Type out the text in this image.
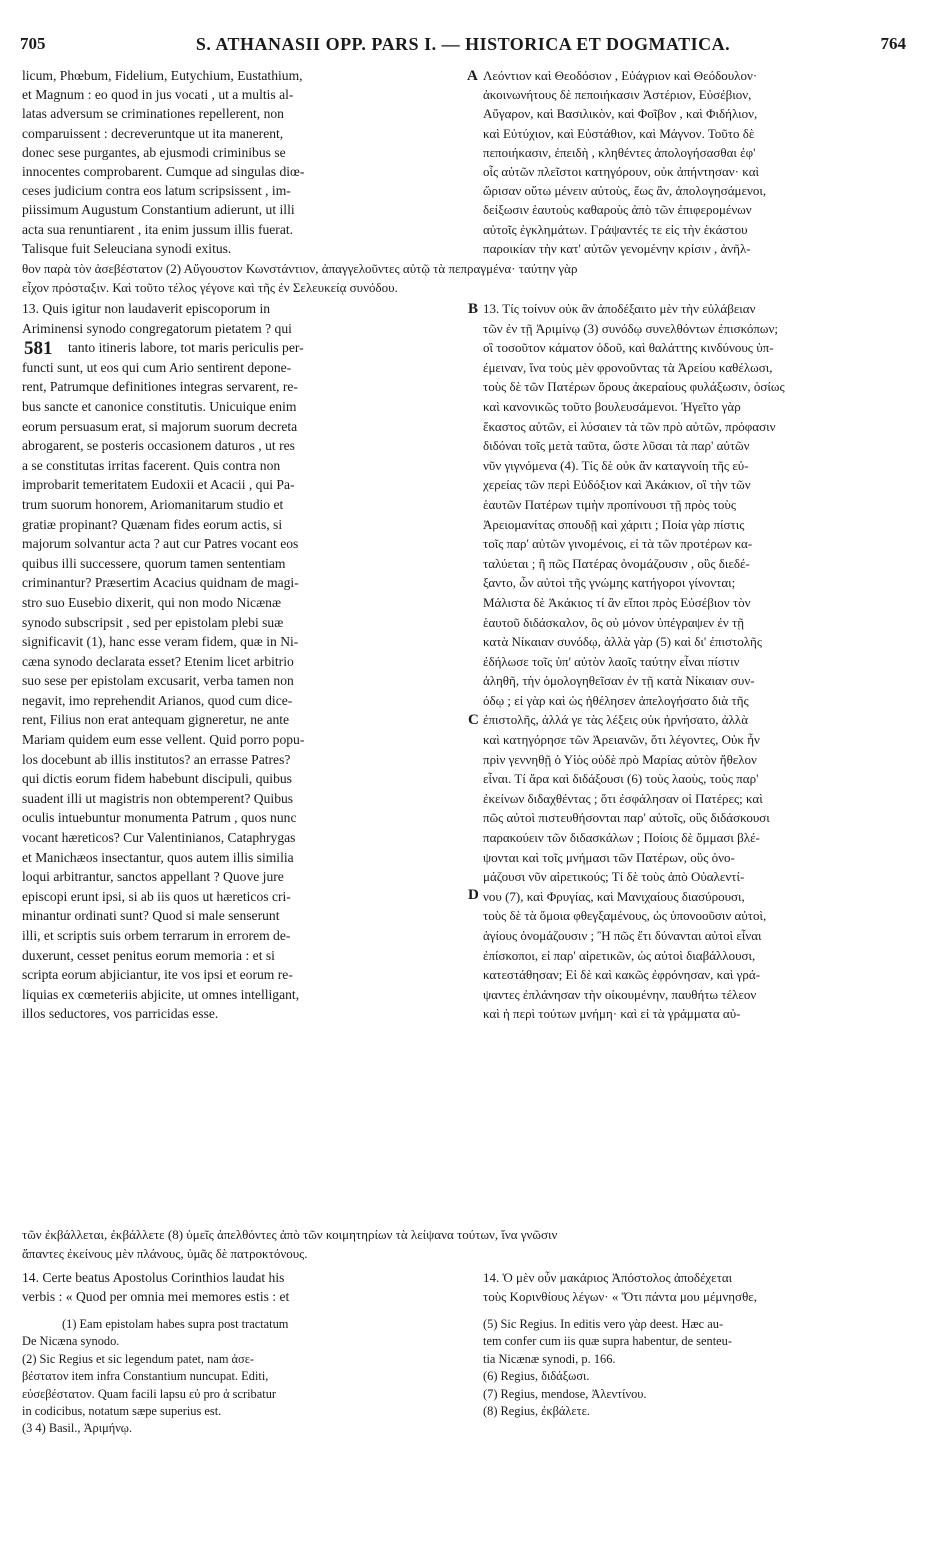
705	S. ATHANASII OPP. PARS I. — HISTORICA ET DOGMATICA.	764
licum, Phœbum, Fidelium, Eutychium, Eustathium,
et Magnum : eo quod in jus vocati , ut a multis al-
latas adversum se criminationes repellerent, non
comparuissent : decreveruntque ut ita manerent,
donec sese purgantes, ab ejusmodi criminibus se
innocentes comprobarent. Cumque ad singulas diœ-
ceses judicium contra eos latum scripsissent , im-
piissimum Augustum Constantium adierunt, ut illi
acta sua renuntiarent , ita enim jussum illis fuerat.
Talisque fuit Seleuciana synodi exitus.
A Λεόντιον καὶ Θεοδόσιον , Εὐάγριον καὶ Θεόδουλον·
ἀκοινωνήτους δὲ πεποιήκασιν Ἀστέριον, Εὐσέβιον,
Αὔγαρον, καὶ Βασιλικὸν, καὶ Φοῖβον , καὶ Φιδήλιον,
καὶ Εὐτύχιον, καὶ Εὐστάθιον, καὶ Μάγνον. Τοῦτο δὲ
πεποιήκασιν, ἐπειδὴ , κληθέντες ἀπολογήσασθαι ἐφ'
οἷς αὐτῶν πλεῖστοι κατηγόρουν, οὐκ ἀπήντησαν· καὶ
ὥρισαν οὕτω μένειν αὐτοὺς, ἕως ἂν, ἀπολογησάμενοι,
δείξωσιν ἑαυτοὺς καθαροὺς ἀπὸ τῶν ἐπιφερομένων
αὐτοῖς ἐγκλημάτων. Γράψαντές τε εἰς τὴν ἑκάστου
παροικίαν τὴν κατ' αὐτῶν γενομένην κρίσιν , ἀνῆλ-
θον παρὰ τὸν ἀσεβέστατον (2) Αὔγουστον Κωνστάντιον, ἀπαγγελοῦντες αὐτῷ τὰ πεπραγμένα· ταύτην γὰρ
εἶχον πρόσταξιν. Καὶ τοῦτο τέλος γέγονε καὶ τῆς ἐν Σελευκείᾳ συνόδου.
13. Quis igitur non laudaverit episcoporum in
Ariminensi synodo congregatorum pietatem ? qui
tanto itineris labore, tot maris periculis per-
functi sunt, ut eos qui cum Ario sentirent depone-
rent, Patrumque definitiones integras servarent, re-
bus sancte et canonice constitutis. Unicuique enim
eorum persuasum erat, si majorum suorum decreta
abrogarent, se posteris occasionem daturos , ut res
a se constitutas irritas facerent. Quis contra non
improbarit temeritatem Eudoxii et Acacii , qui Pa-
trum suorum honorem, Ariomanitarum studio et
gratiæ propinant? Quænam fides eorum actis, si
majorum solvantur acta ? aut cur Patres vocant eos
quibus illi successere, quorum tamen sententiam
criminantur? Præsertim Acacius quidnam de magi-
stro suo Eusebio dixerit, qui non modo Nicænæ
synodo subscripsit , sed per epistolam plebi suæ
significavit (1), hanc esse veram fidem, quæ in Ni-
cæna synodo declarata esset? Etenim licet arbitrio
suo sese per epistolam excusarit, verba tamen non
negavit, imo reprehendit Arianos, quod cum dice-
rent, Filius non erat antequam gigneretur, ne ante
Mariam quidem eum esse vellent. Quid porro popu-
los docebunt ab illis institutos? an errasse Patres?
qui dictis eorum fidem habebunt discipuli, quibus
suadent illi ut magistris non obtemperent? Quibus
oculis intuebuntur monumenta Patrum , quos nunc
vocant hæreticos? Cur Valentinianos, Cataphrygas
et Manichæos insectantur, quos autem illis similia
loqui arbitrantur, sanctos appellant ? Quove jure
episcopi erunt ipsi, si ab iis quos ut hæreticos cri-
minantur ordinati sunt? Quod si male senserunt
illi, et scriptis suis orbem terrarum in errorem de-
duxerunt, cesset penitus eorum memoria : et si
scripta eorum abjiciantur, ite vos ipsi et eorum re-
liquias ex cœmeteriis abjicite, ut omnes intelligant,
illos seductores, vos parricidas esse.
581
B
C
D
13. Τίς τοίνυν οὐκ ἂν ἀποδέξαιτο μὲν τὴν εὐλάβειαν
τῶν ἐν τῇ Ἀριμίνῳ (3) συνόδῳ συνελθόντων ἐπισκόπων;
οἳ τοσοῦτον κάματον ὁδοῦ, καὶ θαλάττης κινδύνους ὑπ-
έμειναν, ἵνα τοὺς μὲν φρονοῦντας τὰ Ἀρείου καθέλωσι,
τοὺς δὲ τῶν Πατέρων ὅρους ἀκεραίους φυλάξωσιν, ὁσίως
καὶ κανονικῶς τοῦτο βουλευσάμενοι. Ἡγεῖτο γὰρ
ἕκαστος αὐτῶν, εἰ λύσαιεν τὰ τῶν πρὸ αὐτῶν, πρόφασιν
διδόναι τοῖς μετὰ ταῦτα, ὥστε λῦσαι τὰ παρ' αὐτῶν
νῦν γιγνόμενα (4). Τίς δὲ οὐκ ἂν καταγνοίη τῆς εὐ-
χερείας τῶν περὶ Εὐδόξιον καὶ Ἀκάκιον, οἳ τὴν τῶν
ἑαυτῶν Πατέρων τιμὴν προπίνουσι τῇ πρὸς τοὺς
Ἀρειομανίτας σπουδῇ καὶ χάριτι ; Ποία γὰρ πίστις
τοῖς παρ' αὐτῶν γινομένοις, εἰ τὰ τῶν προτέρων κα-
ταλύεται ; ἢ πῶς Πατέρας ὀνομάζουσιν , οὓς διεδέ-
ξαντο, ὧν αὐτοὶ τῆς γνώμης κατήγοροι γίνονται;
Μάλιστα δὲ Ἀκάκιος τί ἂν εἴποι πρὸς Εὐσέβιον τὸν
ἑαυτοῦ διδάσκαλον, ὃς οὐ μόνον ὑπέγραψεν ἐν τῇ
κατὰ Νίκαιαν συνόδῳ, ἀλλὰ γὰρ (5) καὶ δι' ἐπιστολῆς
ἐδήλωσε τοῖς ὑπ' αὐτὸν λαοῖς ταύτην εἶναι πίστιν
ἀληθῆ, τὴν ὁμολογηθεῖσαν ἐν τῇ κατὰ Νίκαιαν συν-
όδῳ ; εἰ γὰρ καὶ ὡς ἠθέλησεν ἀπελογήσατο διὰ τῆς
ἐπιστολῆς, ἀλλά γε τὰς λέξεις οὐκ ἠρνήσατο, ἀλλὰ
καὶ κατηγόρησε τῶν Ἀρειανῶν, ὅτι λέγοντες, Οὐκ ἦν
πρὶν γεννηθῇ ὁ Υἱὸς οὐδὲ πρὸ Μαρίας αὐτὸν ἤθελον
εἶναι. Τί ἄρα καὶ διδάξουσι (6) τοὺς λαοὺς, τοὺς παρ'
ἐκείνων διδαχθέντας ; ὅτι ἐσφάλησαν οἱ Πατέρες; καὶ
πῶς αὐτοὶ πιστευθήσονται παρ' αὐτοῖς, οὓς διδάσκουσι
παρακούειν τῶν διδασκάλων ; Ποίοις δὲ ὄμμασι βλέ-
ψονται καὶ τοῖς μνήμασι τῶν Πατέρων, οὓς ὀνο-
μάζουσι νῦν αἱρετικούς; Τί δὲ τοὺς ἀπὸ Οὐαλεντί-
νου (7), καὶ Φρυγίας, καὶ Μανιχαίους διασύρουσι,
τοὺς δὲ τὰ ὅμοια φθεγξαμένους, ὡς ὑπονοοῦσιν αὐτοὶ,
ἁγίους ὀνομάζουσιν ; Ἢ πῶς ἔτι δύνανται αὐτοὶ εἶναι
ἐπίσκοποι, εἰ παρ' αἱρετικῶν, ὡς αὐτοὶ διαβάλλουσι,
κατεστάθησαν; Εἰ δὲ καὶ κακῶς ἐφρόνησαν, καὶ γρά-
ψαντες ἐπλάνησαν τὴν οἰκουμένην, παυθήτω τέλεον
καὶ ἡ περὶ τούτων μνήμη· καὶ εἰ τὰ γράμματα αὐ-
τῶν ἐκβάλλεται, ἐκβάλλετε (8) ὑμεῖς ἀπελθόντες ἀπὸ τῶν κοιμητηρίων τὰ λείψανα τούτων, ἵνα γνῶσιν
ἅπαντες ἐκείνους μὲν πλάνους, ὑμᾶς δὲ πατροκτόνους.
14. Certe beatus Apostolus Corinthios laudat his
verbis : « Quod per omnia mei memores estis : et
14. Ὁ μὲν οὖν μακάριος Ἀπόστολος ἀποδέχεται
τοὺς Κορινθίους λέγων· « Ὅτι πάντα μου μέμνησθε,
(1) Eam epistolam habes supra post tractatum
De Nicæna synodo.
(2) Sic Regius et sic legendum patet, nam ἀσε-
βέστατον item infra Constantium nuncupat. Editi,
εὐσεβέστατον. Quam facili lapsu εὐ pro ἀ scribatur
in codicibus, notatum sæpe superius est.
(3 4) Basil., Ἀριμήνῳ.
(5) Sic Regius. In editis vero γὰρ deest. Hæc au-
tem confer cum iis quæ supra habentur, de senteu-
tia Nicænæ synodi, p. 166.
(6) Regius, διδάξωσι.
(7) Regius, mendose, Ἀλεντίνου.
(8) Regius, ἐκβάλετε.
